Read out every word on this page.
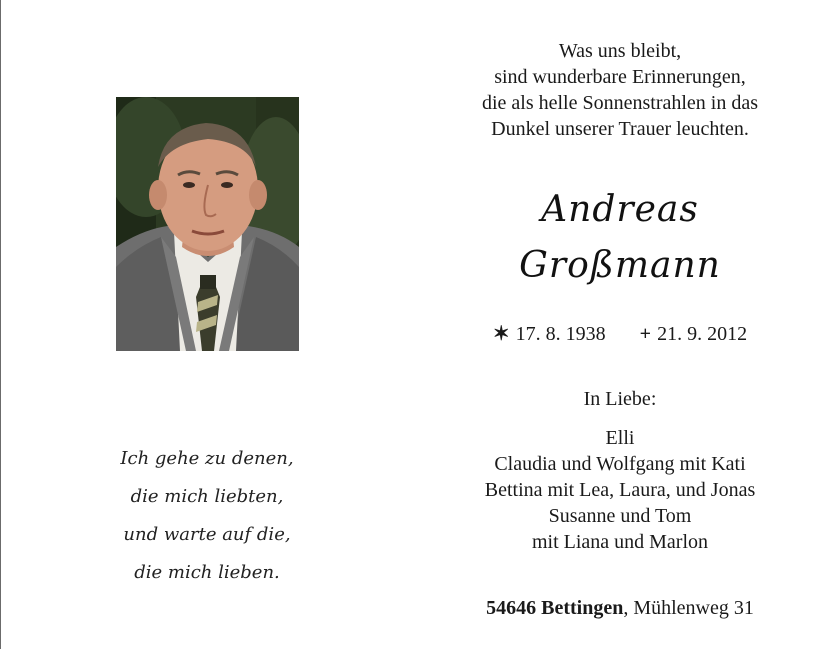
Ich gehe zu denen,
die mich liebten,
und warte auf die,
die mich lieben.
Was uns bleibt,
sind wunderbare Erinnerungen,
die als helle Sonnenstrahlen in das
Dunkel unserer Trauer leuchten.
Andreas
Großmann
✶ 17. 8. 1938 + 21. 9. 2012
In Liebe:
Elli
Claudia und Wolfgang mit Kati
Bettina mit Lea, Laura, und Jonas
Susanne und Tom
mit Liana und Marlon
54646 Bettingen, Mühlenweg 31
